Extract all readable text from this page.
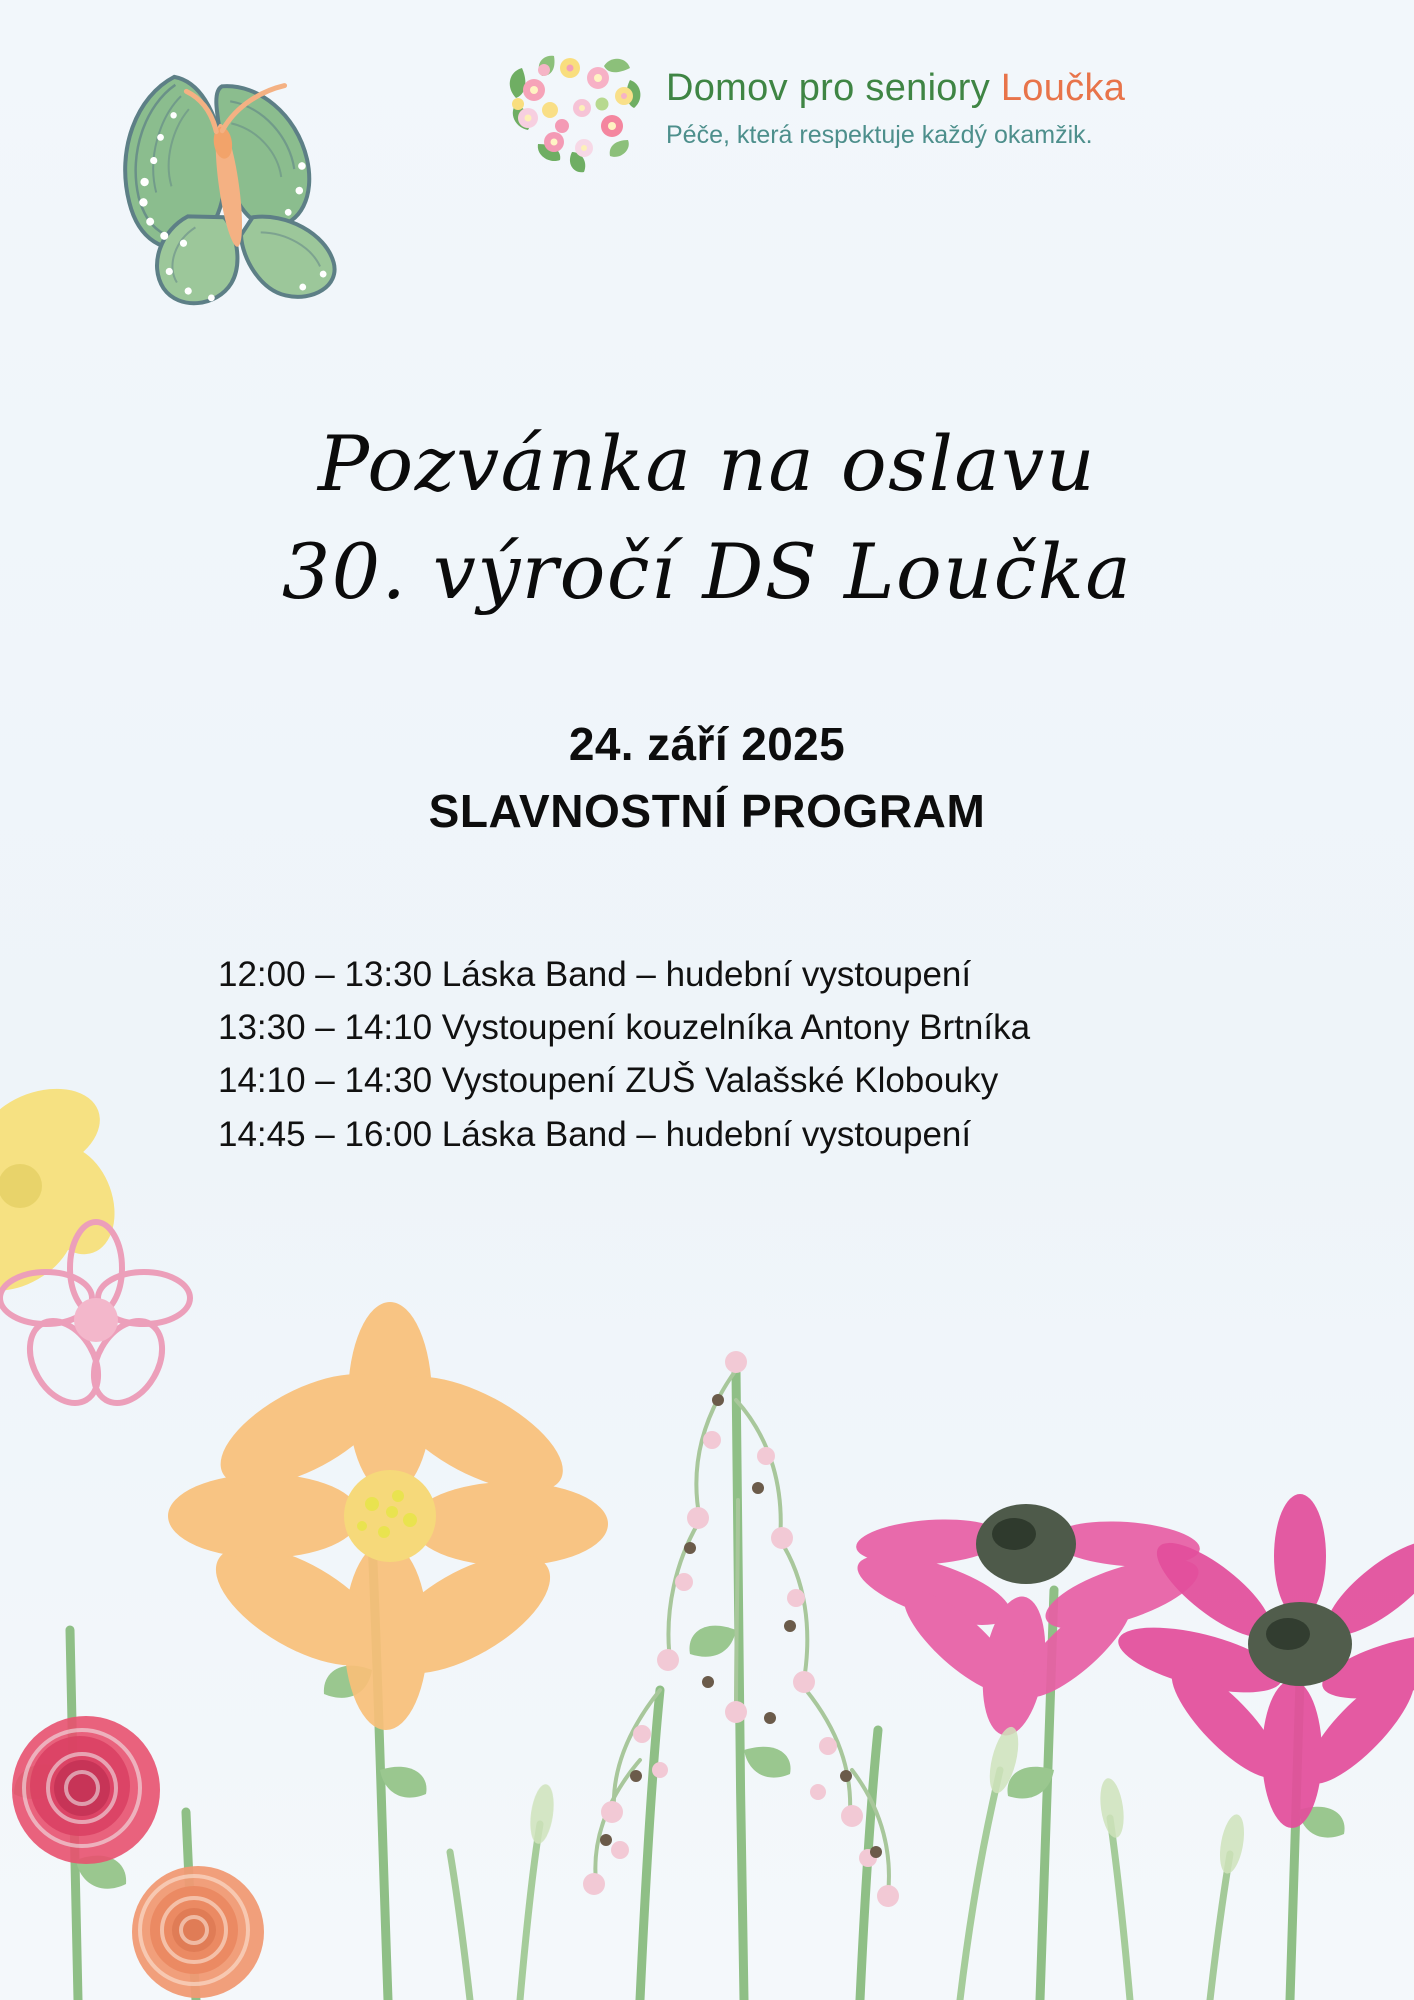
Domov pro seniory Loučka
Péče, která respektuje každý okamžik.
Pozvánka na oslavu
30. výročí DS Loučka
24. září 2025
SLAVNOSTNÍ PROGRAM
12:00 – 13:30 Láska Band – hudební vystoupení
13:30 – 14:10 Vystoupení kouzelníka Antony Brtníka
14:10 – 14:30 Vystoupení ZUŠ Valašské Klobouky
14:45 – 16:00 Láska Band – hudební vystoupení
